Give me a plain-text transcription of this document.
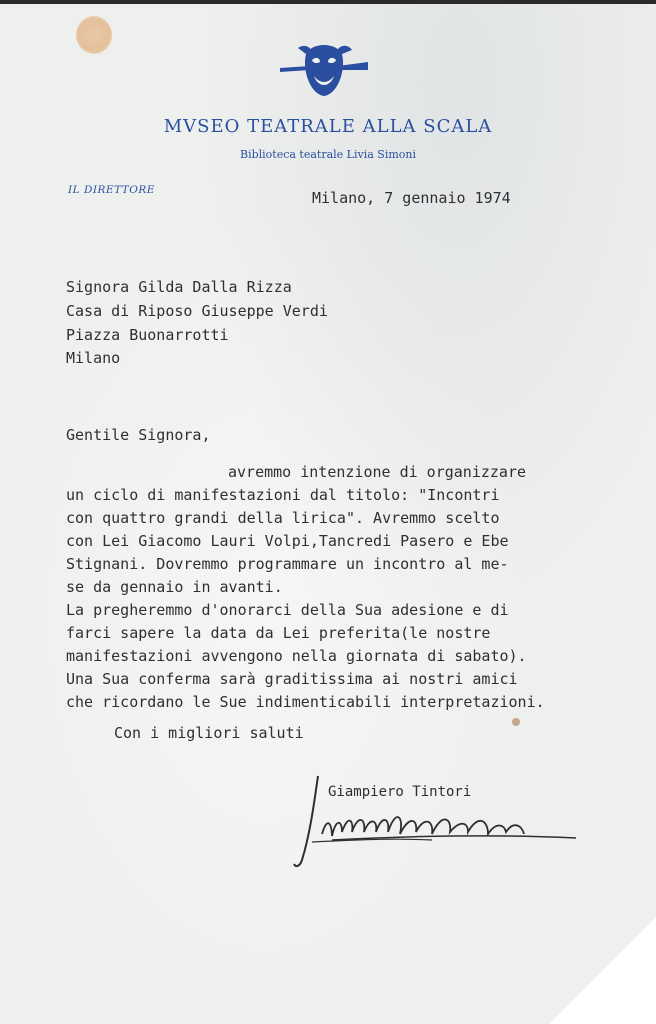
MVSEO TEATRALE ALLA SCALA
Biblioteca teatrale Livia Simoni
IL DIRETTORE	Milano, 7 gennaio 1974
Signora Gilda Dalla Rizza
Casa di Riposo Giuseppe Verdi
Piazza Buonarrotti
Milano
Gentile Signora,
avremmo intenzione di organizzare
un ciclo di manifestazioni dal titolo: "Incontri
con quattro grandi della lirica". Avremmo scelto
con Lei Giacomo Lauri Volpi,Tancredi Pasero e Ebe
Stignani. Dovremmo programmare un incontro al me-
se da gennaio in avanti.
La pregheremmo d'onorarci della Sua adesione e di
farci sapere la data da Lei preferita(le nostre
manifestazioni avvengono nella giornata di sabato).
Una Sua conferma sarà graditissima ai nostri amici
che ricordano le Sue indimenticabili interpretazioni.
Con i migliori saluti
Giampiero Tintori
